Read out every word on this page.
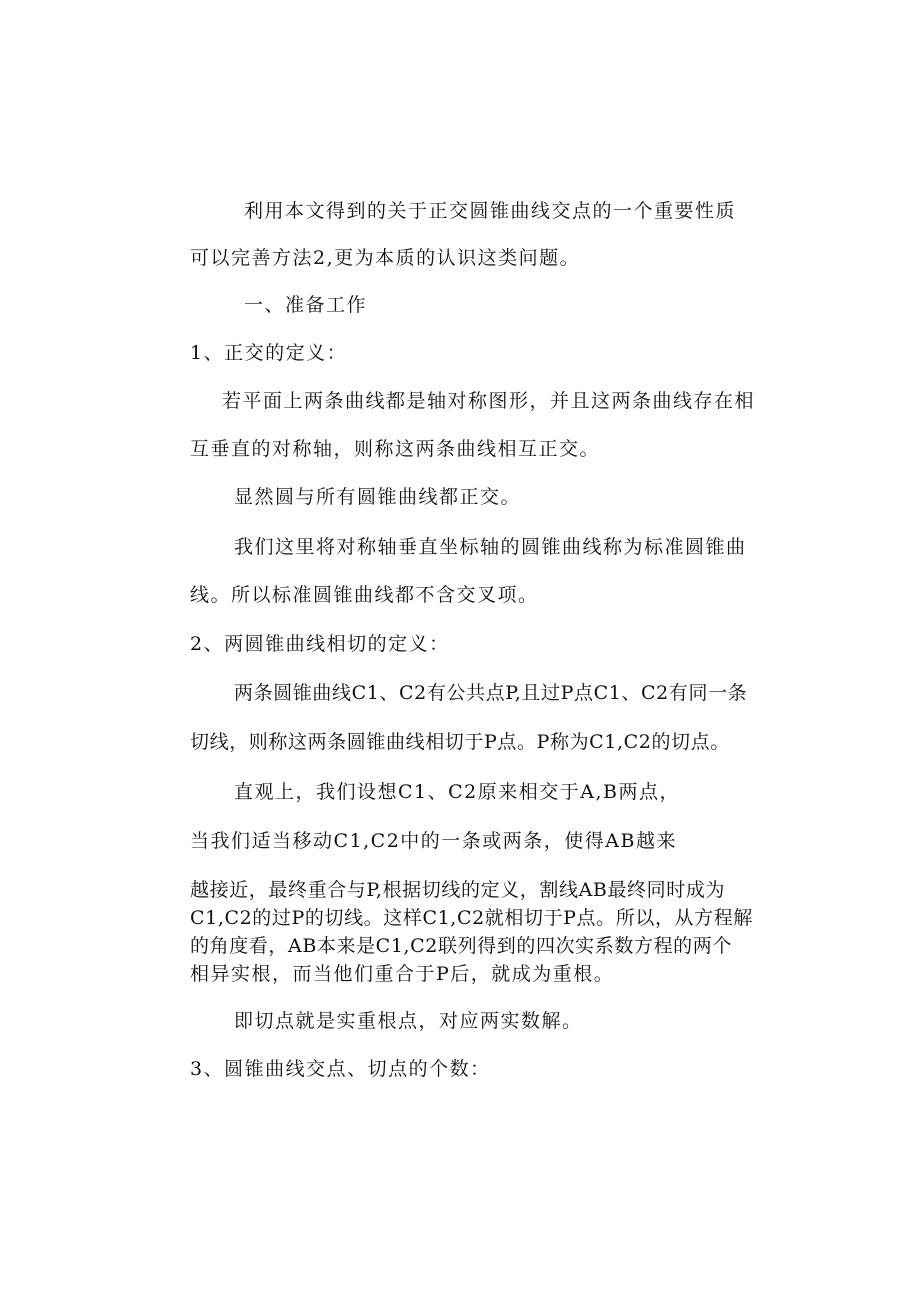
利用本文得到的关于正交圆锥曲线交点的一个重要性质
可以完善方法2,更为本质的认识这类问题。
一、准备工作
1、正交的定义：
若平面上两条曲线都是轴对称图形，并且这两条曲线存在相
互垂直的对称轴，则称这两条曲线相互正交。
显然圆与所有圆锥曲线都正交。
我们这里将对称轴垂直坐标轴的圆锥曲线称为标准圆锥曲
线。所以标准圆锥曲线都不含交叉项。
2、两圆锥曲线相切的定义：
两条圆锥曲线C1、C2有公共点P,且过P点C1、C2有同一条
切线，则称这两条圆锥曲线相切于P点。P称为C1,C2的切点。
直观上，我们设想C1、C2原来相交于A,B两点，
当我们适当移动C1,C2中的一条或两条，使得AB越来
越接近，最终重合与P,根据切线的定义，割线AB最终同时成为
C1,C2的过P的切线。这样C1,C2就相切于P点。所以，从方程解
的角度看，AB本来是C1,C2联列得到的四次实系数方程的两个
相异实根，而当他们重合于P后，就成为重根。
即切点就是实重根点，对应两实数解。
3、圆锥曲线交点、切点的个数：
